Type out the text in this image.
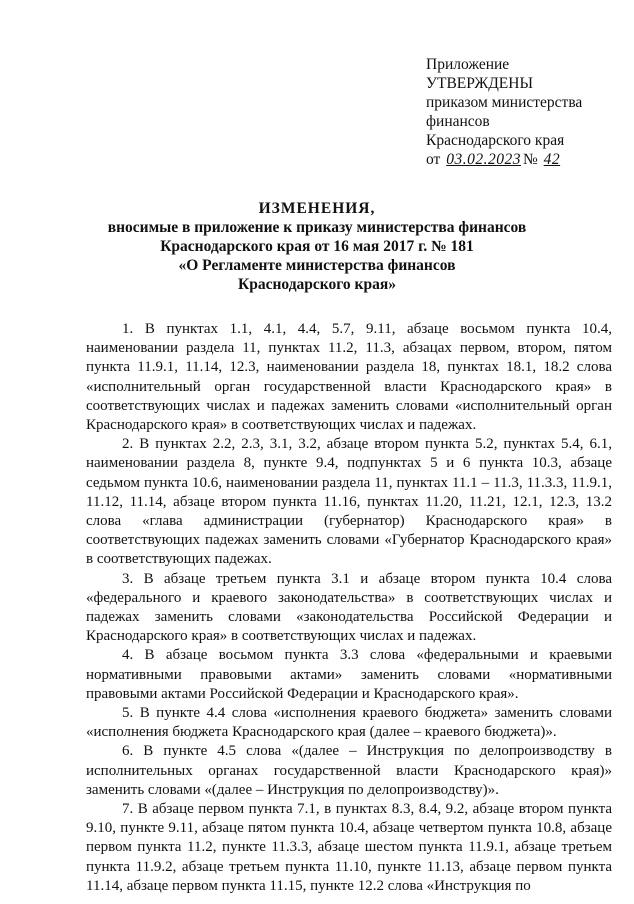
Приложение
УТВЕРЖДЕНЫ
приказом министерства
финансов
Краснодарского края
от 03.02.2023 № 42
ИЗМЕНЕНИЯ,
вносимые в приложение к приказу министерства финансов
Краснодарского края от 16 мая 2017 г. № 181
«О Регламенте министерства финансов
Краснодарского края»

1. В пунктах 1.1, 4.1, 4.4, 5.7, 9.11, абзаце восьмом пункта 10.4, наименовании раздела 11, пунктах 11.2, 11.3, абзацах первом, втором, пятом пункта 11.9.1, 11.14, 12.3, наименовании раздела 18, пунктах 18.1, 18.2 слова «исполнительный орган государственной власти Краснодарского края» в соответствующих числах и падежах заменить словами «исполнительный орган Краснодарского края» в соответствующих числах и падежах.

2. В пунктах 2.2, 2.3, 3.1, 3.2, абзаце втором пункта 5.2, пунктах 5.4, 6.1, наименовании раздела 8, пункте 9.4, подпунктах 5 и 6 пункта 10.3, абзаце седьмом пункта 10.6, наименовании раздела 11, пунктах 11.1 – 11.3, 11.3.3, 11.9.1, 11.12, 11.14, абзаце втором пункта 11.16, пунктах 11.20, 11.21, 12.1, 12.3, 13.2 слова «глава администрации (губернатор) Краснодарского края» в соответствующих падежах заменить словами «Губернатор Краснодарского края» в соответствующих падежах.

3. В абзаце третьем пункта 3.1 и абзаце втором пункта 10.4 слова «федерального и краевого законодательства» в соответствующих числах и падежах заменить словами «законодательства Российской Федерации и Краснодарского края» в соответствующих числах и падежах.

4. В абзаце восьмом пункта 3.3 слова «федеральными и краевыми нормативными правовыми актами» заменить словами «нормативными правовыми актами Российской Федерации и Краснодарского края».

5. В пункте 4.4 слова «исполнения краевого бюджета» заменить словами «исполнения бюджета Краснодарского края (далее – краевого бюджета)».

6. В пункте 4.5 слова «(далее – Инструкция по делопроизводству в исполнительных органах государственной власти Краснодарского края)» заменить словами «(далее – Инструкция по делопроизводству)».

7. В абзаце первом пункта 7.1, в пунктах 8.3, 8.4, 9.2, абзаце втором пункта 9.10, пункте 9.11, абзаце пятом пункта 10.4, абзаце четвертом пункта 10.8, абзаце первом пункта 11.2, пункте 11.3.3, абзаце шестом пункта 11.9.1, абзаце третьем пункта 11.9.2, абзаце третьем пункта 11.10, пункте 11.13, абзаце первом пункта 11.14, абзаце первом пункта 11.15, пункте 12.2 слова «Инструкция по
